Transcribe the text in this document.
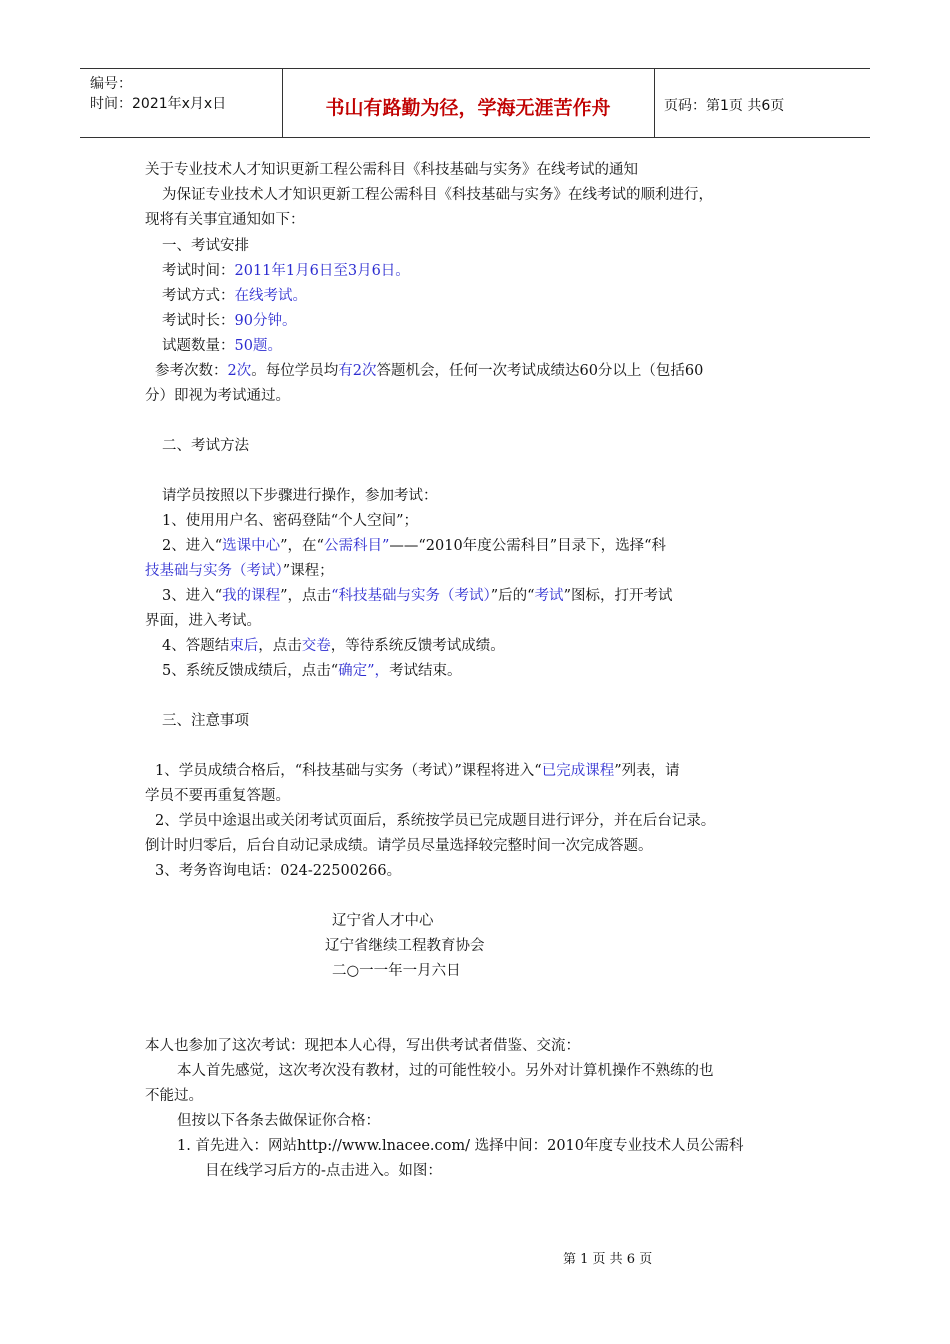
编号：
时间：2021年x月x日	书山有路勤为径，学海无涯苦作舟	页码：第1页 共6页
关于专业技术人才知识更新工程公需科目《科技基础与实务》在线考试的通知
为保证专业技术人才知识更新工程公需科目《科技基础与实务》在线考试的顺利进行，
现将有关事宜通知如下：
一、考试安排
考试时间：2011年1月6日至3月6日。
考试方式：在线考试。
考试时长：90分钟。
试题数量：50题。
参考次数：2次。每位学员均有2次答题机会，任何一次考试成绩达60分以上（包括60
分）即视为考试通过。
二、考试方法
请学员按照以下步骤进行操作，参加考试：
1、使用用户名、密码登陆“个人空间”；
2、进入“选课中心”，在“公需科目”——“2010年度公需科目”目录下，选择“科
技基础与实务（考试）”课程；
3、进入“我的课程”，点击“科技基础与实务（考试）”后的“考试”图标，打开考试
界面，进入考试。
4、答题结束后，点击交卷，等待系统反馈考试成绩。
5、系统反馈成绩后，点击“确定”，考试结束。
三、注意事项
1、学员成绩合格后，“科技基础与实务（考试）”课程将进入“已完成课程”列表，请
学员不要再重复答题。
2、学员中途退出或关闭考试页面后，系统按学员已完成题目进行评分，并在后台记录。
倒计时归零后，后台自动记录成绩。请学员尽量选择较完整时间一次完成答题。
3、考务咨询电话：024-22500266。
辽宁省人才中心
辽宁省继续工程教育协会
二○一一年一月六日
本人也参加了这次考试：现把本人心得，写出供考试者借鉴、交流：
本人首先感觉，这次考次没有教材，过的可能性较小。另外对计算机操作不熟练的也
不能过。
但按以下各条去做保证你合格：
1. 首先进入：网站http://www.lnacee.com/ 选择中间：2010年度专业技术人员公需科
目在线学习后方的-点击进入。如图：
第 1 页 共 6 页
